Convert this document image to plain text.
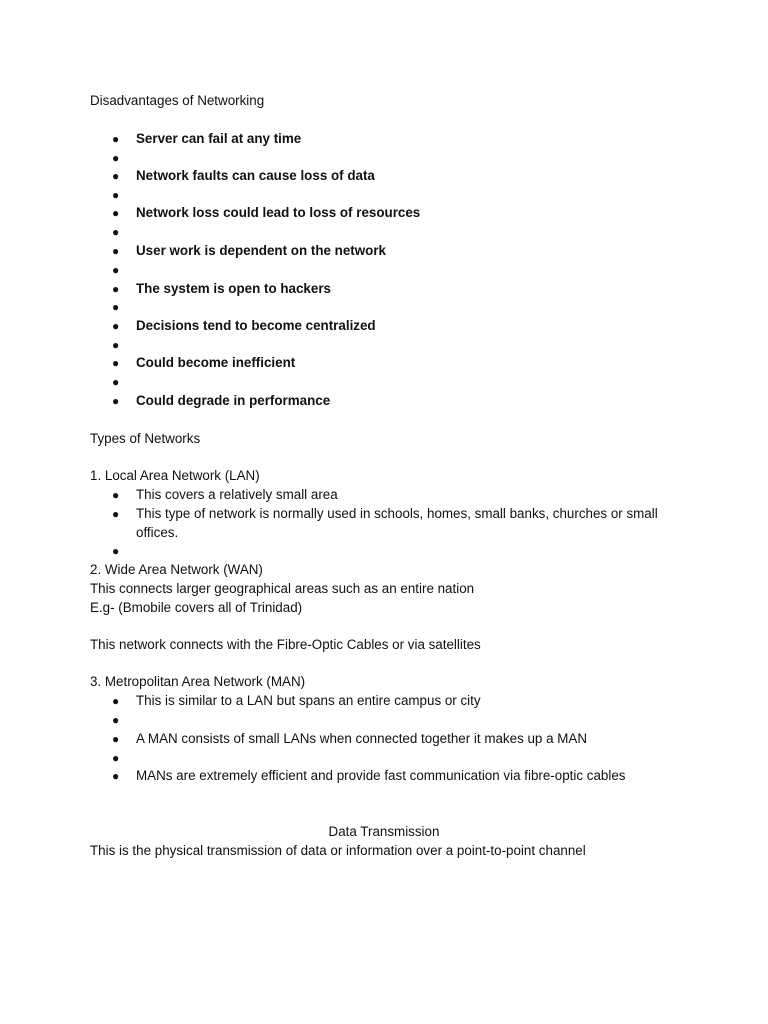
Disadvantages of Networking
●	Server can fail at any time
●
●	Network faults can cause loss of data
●
●	Network loss could lead to loss of resources
●
●	User work is dependent on the network
●
●	The system is open to hackers
●
●	Decisions tend to become centralized
●
●	Could become inefficient
●
●	Could degrade in performance
Types of Networks
1. Local Area Network (LAN)
●	This covers a relatively small area
●	This type of network is normally used in schools, homes, small banks, churches or small offices.
●
2. Wide Area Network (WAN)
This connects larger geographical areas such as an entire nation
E.g- (Bmobile covers all of Trinidad)
This network connects with the Fibre-Optic Cables or via satellites
3. Metropolitan Area Network (MAN)
●	This is similar to a LAN but spans an entire campus or city
●
●	A MAN consists of small LANs when connected together it makes up a MAN
●
●	MANs are extremely efficient and provide fast communication via fibre-optic cables
Data Transmission
This is the physical transmission of data or information over a point-to-point channel
